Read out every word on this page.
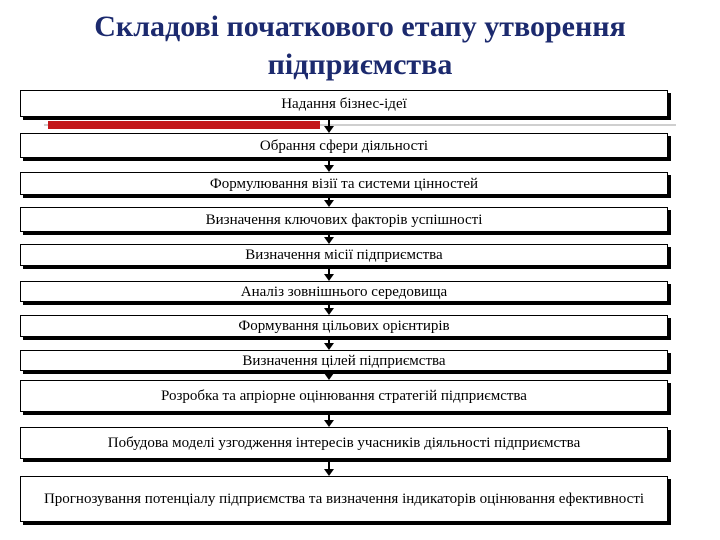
Складові початкового етапу утворення підприємства
Надання бізнес-ідеї
Обрання сфери діяльності
Формулювання візії та системи цінностей
Визначення ключових факторів успішності
Визначення місії підприємства
Аналіз зовнішнього середовища
Формування цільових орієнтирів
Визначення цілей підприємства
Розробка та апріорне оцінювання стратегій підприємства
Побудова моделі узгодження інтересів учасників діяльності підприємства
Прогнозування потенціалу підприємства та визначення індикаторів оцінювання ефективності
